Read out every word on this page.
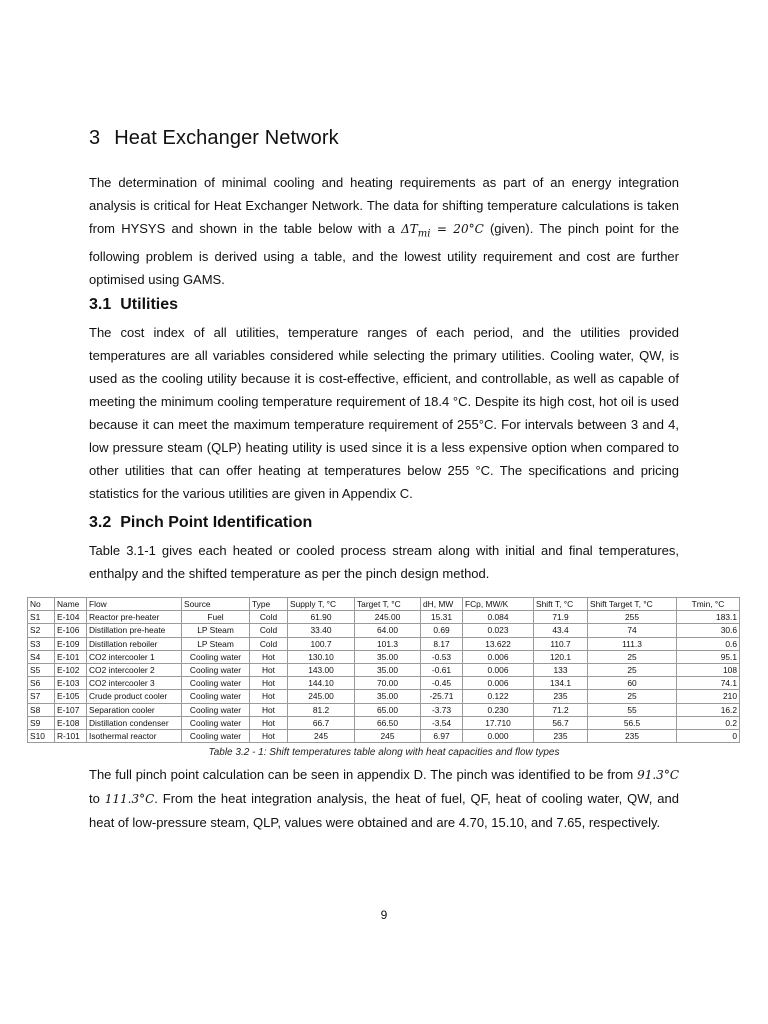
3 Heat Exchanger Network

The determination of minimal cooling and heating requirements as part of an energy integration analysis is critical for Heat Exchanger Network. The data for shifting temperature calculations is taken from HYSYS and shown in the table below with a $\Delta T_{mi} = 20^\circ C$ (given). The pinch point for the following problem is derived using a table, and the lowest utility requirement and cost are further optimised using GAMS.

3.1 Utilities

The cost index of all utilities, temperature ranges of each period, and the utilities provided temperatures are all variables considered while selecting the primary utilities. Cooling water, QW, is used as the cooling utility because it is cost-effective, efficient, and controllable, as well as capable of meeting the minimum cooling temperature requirement of 18.4 °C. Despite its high cost, hot oil is used because it can meet the maximum temperature requirement of 255°C. For intervals between 3 and 4, low pressure steam (QLP) heating utility is used since it is a less expensive option when compared to other utilities that can offer heating at temperatures below 255 °C. The specifications and pricing statistics for the various utilities are given in Appendix C.

3.2 Pinch Point Identification

Table 3.1-1 gives each heated or cooled process stream along with initial and final temperatures, enthalpy and the shifted temperature as per the pinch design method.

No	Name	Flow	Source	Type	Supply T, °C	Target T, °C	dH, MW	FCp, MW/K	Shift T, °C	Shift Target T, °C	Tmin, °C
S1	E-104	Reactor pre-heater	Fuel	Cold	61.90	245.00	15.31	0.084	71.9	255	183.1
S2	E-106	Distillation pre-heate	LP Steam	Cold	33.40	64.00	0.69	0.023	43.4	74	30.6
S3	E-109	Distillation reboiler	LP Steam	Cold	100.7	101.3	8.17	13.622	110.7	111.3	0.6
S4	E-101	CO2 intercooler 1	Cooling water	Hot	130.10	35.00	-0.53	0.006	120.1	25	95.1
S5	E-102	CO2 intercooler 2	Cooling water	Hot	143.00	35.00	-0.61	0.006	133	25	108
S6	E-103	CO2 intercooler 3	Cooling water	Hot	144.10	70.00	-0.45	0.006	134.1	60	74.1
S7	E-105	Crude product cooler	Cooling water	Hot	245.00	35.00	-25.71	0.122	235	25	210
S8	E-107	Separation cooler	Cooling water	Hot	81.2	65.00	-3.73	0.230	71.2	55	16.2
S9	E-108	Distillation condenser	Cooling water	Hot	66.7	66.50	-3.54	17.710	56.7	56.5	0.2
S10	R-101	Isothermal reactor	Cooling water	Hot	245	245	6.97	0.000	235	235	0
Table 3.2 - 1: Shift temperatures table along with heat capacities and flow types

The full pinch point calculation can be seen in appendix D. The pinch was identified to be from 91.3°C to 111.3°C. From the heat integration analysis, the heat of fuel, QF, heat of cooling water, QW, and heat of low-pressure steam, QLP, values were obtained and are 4.70, 15.10, and 7.65, respectively.

9
